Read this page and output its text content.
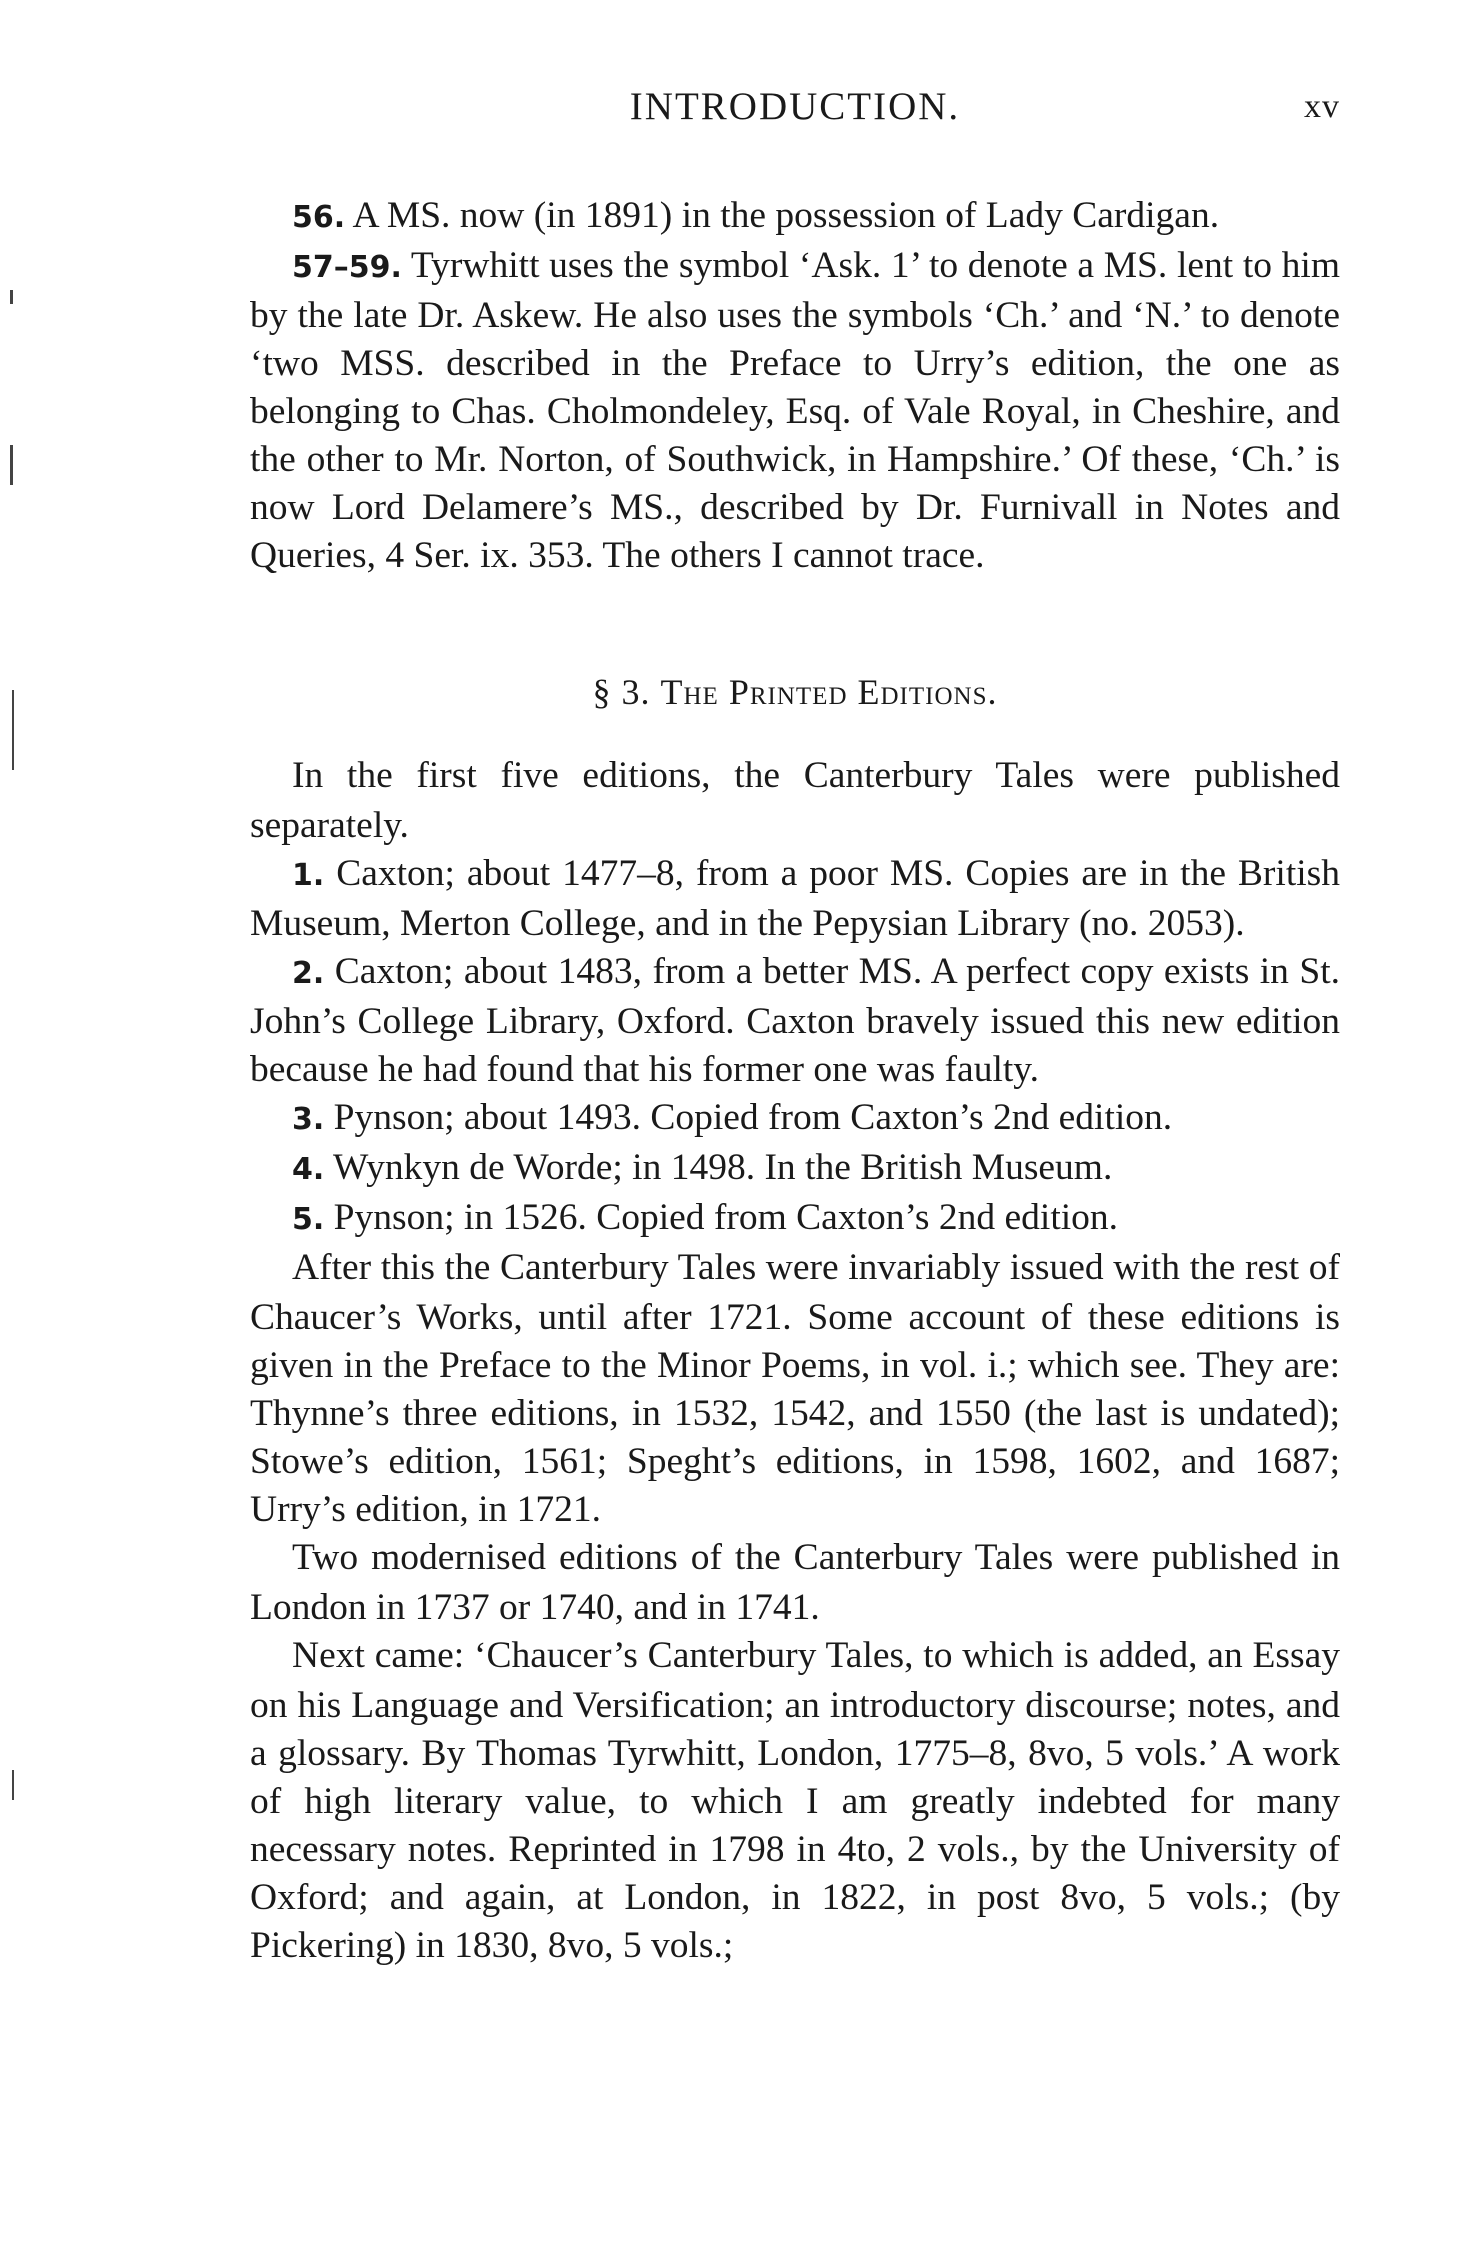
INTRODUCTION.	xv

56. A MS. now (in 1891) in the possession of Lady Cardigan.

57–59. Tyrwhitt uses the symbol ‘Ask. 1’ to denote a MS. lent to him by the late Dr. Askew. He also uses the symbols ‘Ch.’ and ‘N.’ to denote ‘two MSS. described in the Preface to Urry’s edition, the one as belonging to Chas. Cholmondeley, Esq. of Vale Royal, in Cheshire, and the other to Mr. Norton, of Southwick, in Hampshire.’ Of these, ‘Ch.’ is now Lord Delamere’s MS., described by Dr. Furnivall in Notes and Queries, 4 Ser. ix. 353. The others I cannot trace.

§ 3. The Printed Editions.

In the first five editions, the Canterbury Tales were published separately.

1. Caxton; about 1477–8, from a poor MS. Copies are in the British Museum, Merton College, and in the Pepysian Library (no. 2053).

2. Caxton; about 1483, from a better MS. A perfect copy exists in St. John’s College Library, Oxford. Caxton bravely issued this new edition because he had found that his former one was faulty.

3. Pynson; about 1493. Copied from Caxton’s 2nd edition.

4. Wynkyn de Worde; in 1498. In the British Museum.

5. Pynson; in 1526. Copied from Caxton’s 2nd edition.

After this the Canterbury Tales were invariably issued with the rest of Chaucer’s Works, until after 1721. Some account of these editions is given in the Preface to the Minor Poems, in vol. i.; which see. They are: Thynne’s three editions, in 1532, 1542, and 1550 (the last is undated); Stowe’s edition, 1561; Speght’s editions, in 1598, 1602, and 1687; Urry’s edition, in 1721.

Two modernised editions of the Canterbury Tales were published in London in 1737 or 1740, and in 1741.

Next came: ‘Chaucer’s Canterbury Tales, to which is added, an Essay on his Language and Versification; an introductory discourse; notes, and a glossary. By Thomas Tyrwhitt, London, 1775–8, 8vo, 5 vols.’ A work of high literary value, to which I am greatly indebted for many necessary notes. Reprinted in 1798 in 4to, 2 vols., by the University of Oxford; and again, at London, in 1822, in post 8vo, 5 vols.; (by Pickering) in 1830, 8vo, 5 vols.;
